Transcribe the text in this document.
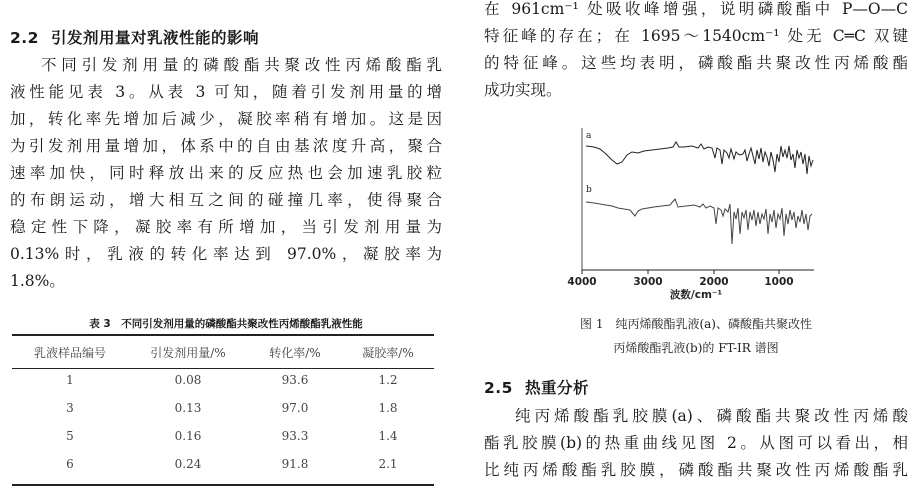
2.2 引发剂用量对乳液性能的影响
不同引发剂用量的磷酸酯共聚改性丙烯酸酯乳
液性能见表 3。从表 3 可知，随着引发剂用量的增
加，转化率先增加后减少，凝胶率稍有增加。这是因
为引发剂用量增加，体系中的自由基浓度升高，聚合
速率加快，同时释放出来的反应热也会加速乳胶粒
的布朗运动，增大相互之间的碰撞几率，使得聚合
稳定性下降，凝胶率有所增加，当引发剂用量为
0.13%时，乳液的转化率达到 97.0%，凝胶率为
1.8%。
表 3　不同引发剂用量的磷酸酯共聚改性丙烯酸酯乳液性能
乳液样品编号	引发剂用量/%	转化率/%	凝胶率/%
1	0.08	93.6	1.2
3	0.13	97.0	1.8
5	0.16	93.3	1.4
6	0.24	91.8	2.1
在 961cm⁻¹ 处吸收峰增强，说明磷酸酯中 P—O—C
特征峰的存在；在 1695～1540cm⁻¹ 处无 C═C 双键
的特征峰。这些均表明，磷酸酯共聚改性丙烯酸酯
成功实现。
a
b
4000	3000	2000	1000
波数/cm⁻¹
图 1　纯丙烯酸酯乳液(a)、磷酸酯共聚改性
丙烯酸酯乳液(b)的 FT-IR 谱图
2.5 热重分析
纯丙烯酸酯乳胶膜(a)、磷酸酯共聚改性丙烯酸
酯乳胶膜(b)的热重曲线见图 2。从图可以看出，相
比纯丙烯酸酯乳胶膜，磷酸酯共聚改性丙烯酸酯乳
